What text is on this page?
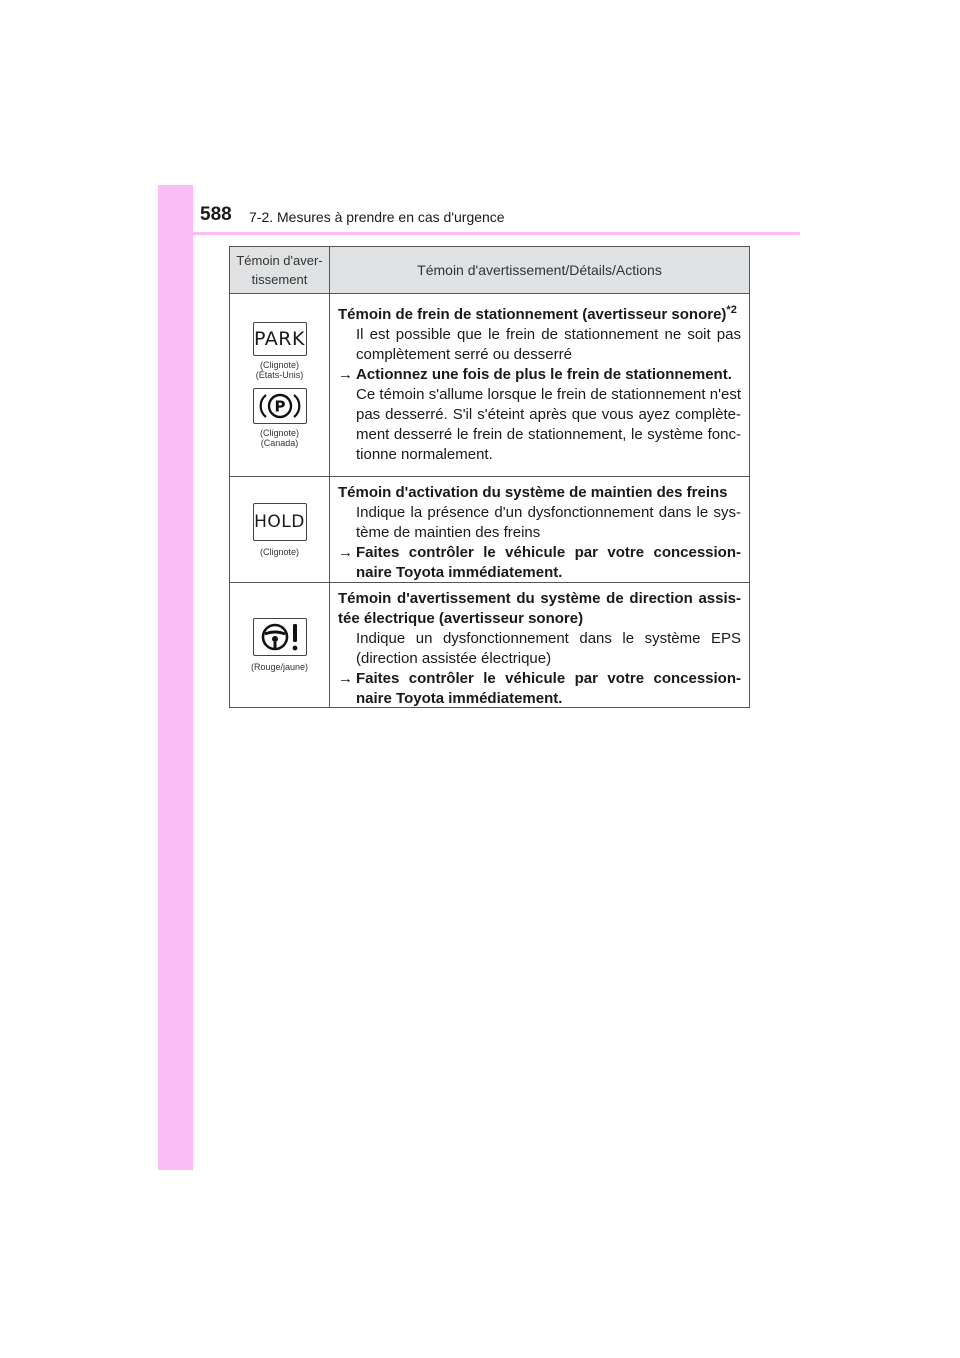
588 7-2. Mesures à prendre en cas d'urgence
Témoin d'aver-
tissement
Témoin d'avertissement/Détails/Actions
PARK
(Clignote)
(États-Unis)
P
(Clignote)
(Canada)
Témoin de frein de stationnement (avertisseur sonore)$^{*2}$
Il est possible que le frein de stationnement ne soit pas complètement serré ou desserré
→ Actionnez une fois de plus le frein de stationnement.
Ce témoin s'allume lorsque le frein de stationnement n'est pas desserré. S'il s'éteint après que vous ayez complète-ment desserré le frein de stationnement, le système fonc-tionne normalement.
HOLD
(Clignote)
Témoin d'activation du système de maintien des freins
Indique la présence d'un dysfonctionnement dans le sys-tème de maintien des freins
→ Faites contrôler le véhicule par votre concession-naire Toyota immédiatement.
(Rouge/jaune)
Témoin d'avertissement du système de direction assis-tée électrique (avertisseur sonore)
Indique un dysfonctionnement dans le système EPS (direction assistée électrique)
→ Faites contrôler le véhicule par votre concession-naire Toyota immédiatement.
